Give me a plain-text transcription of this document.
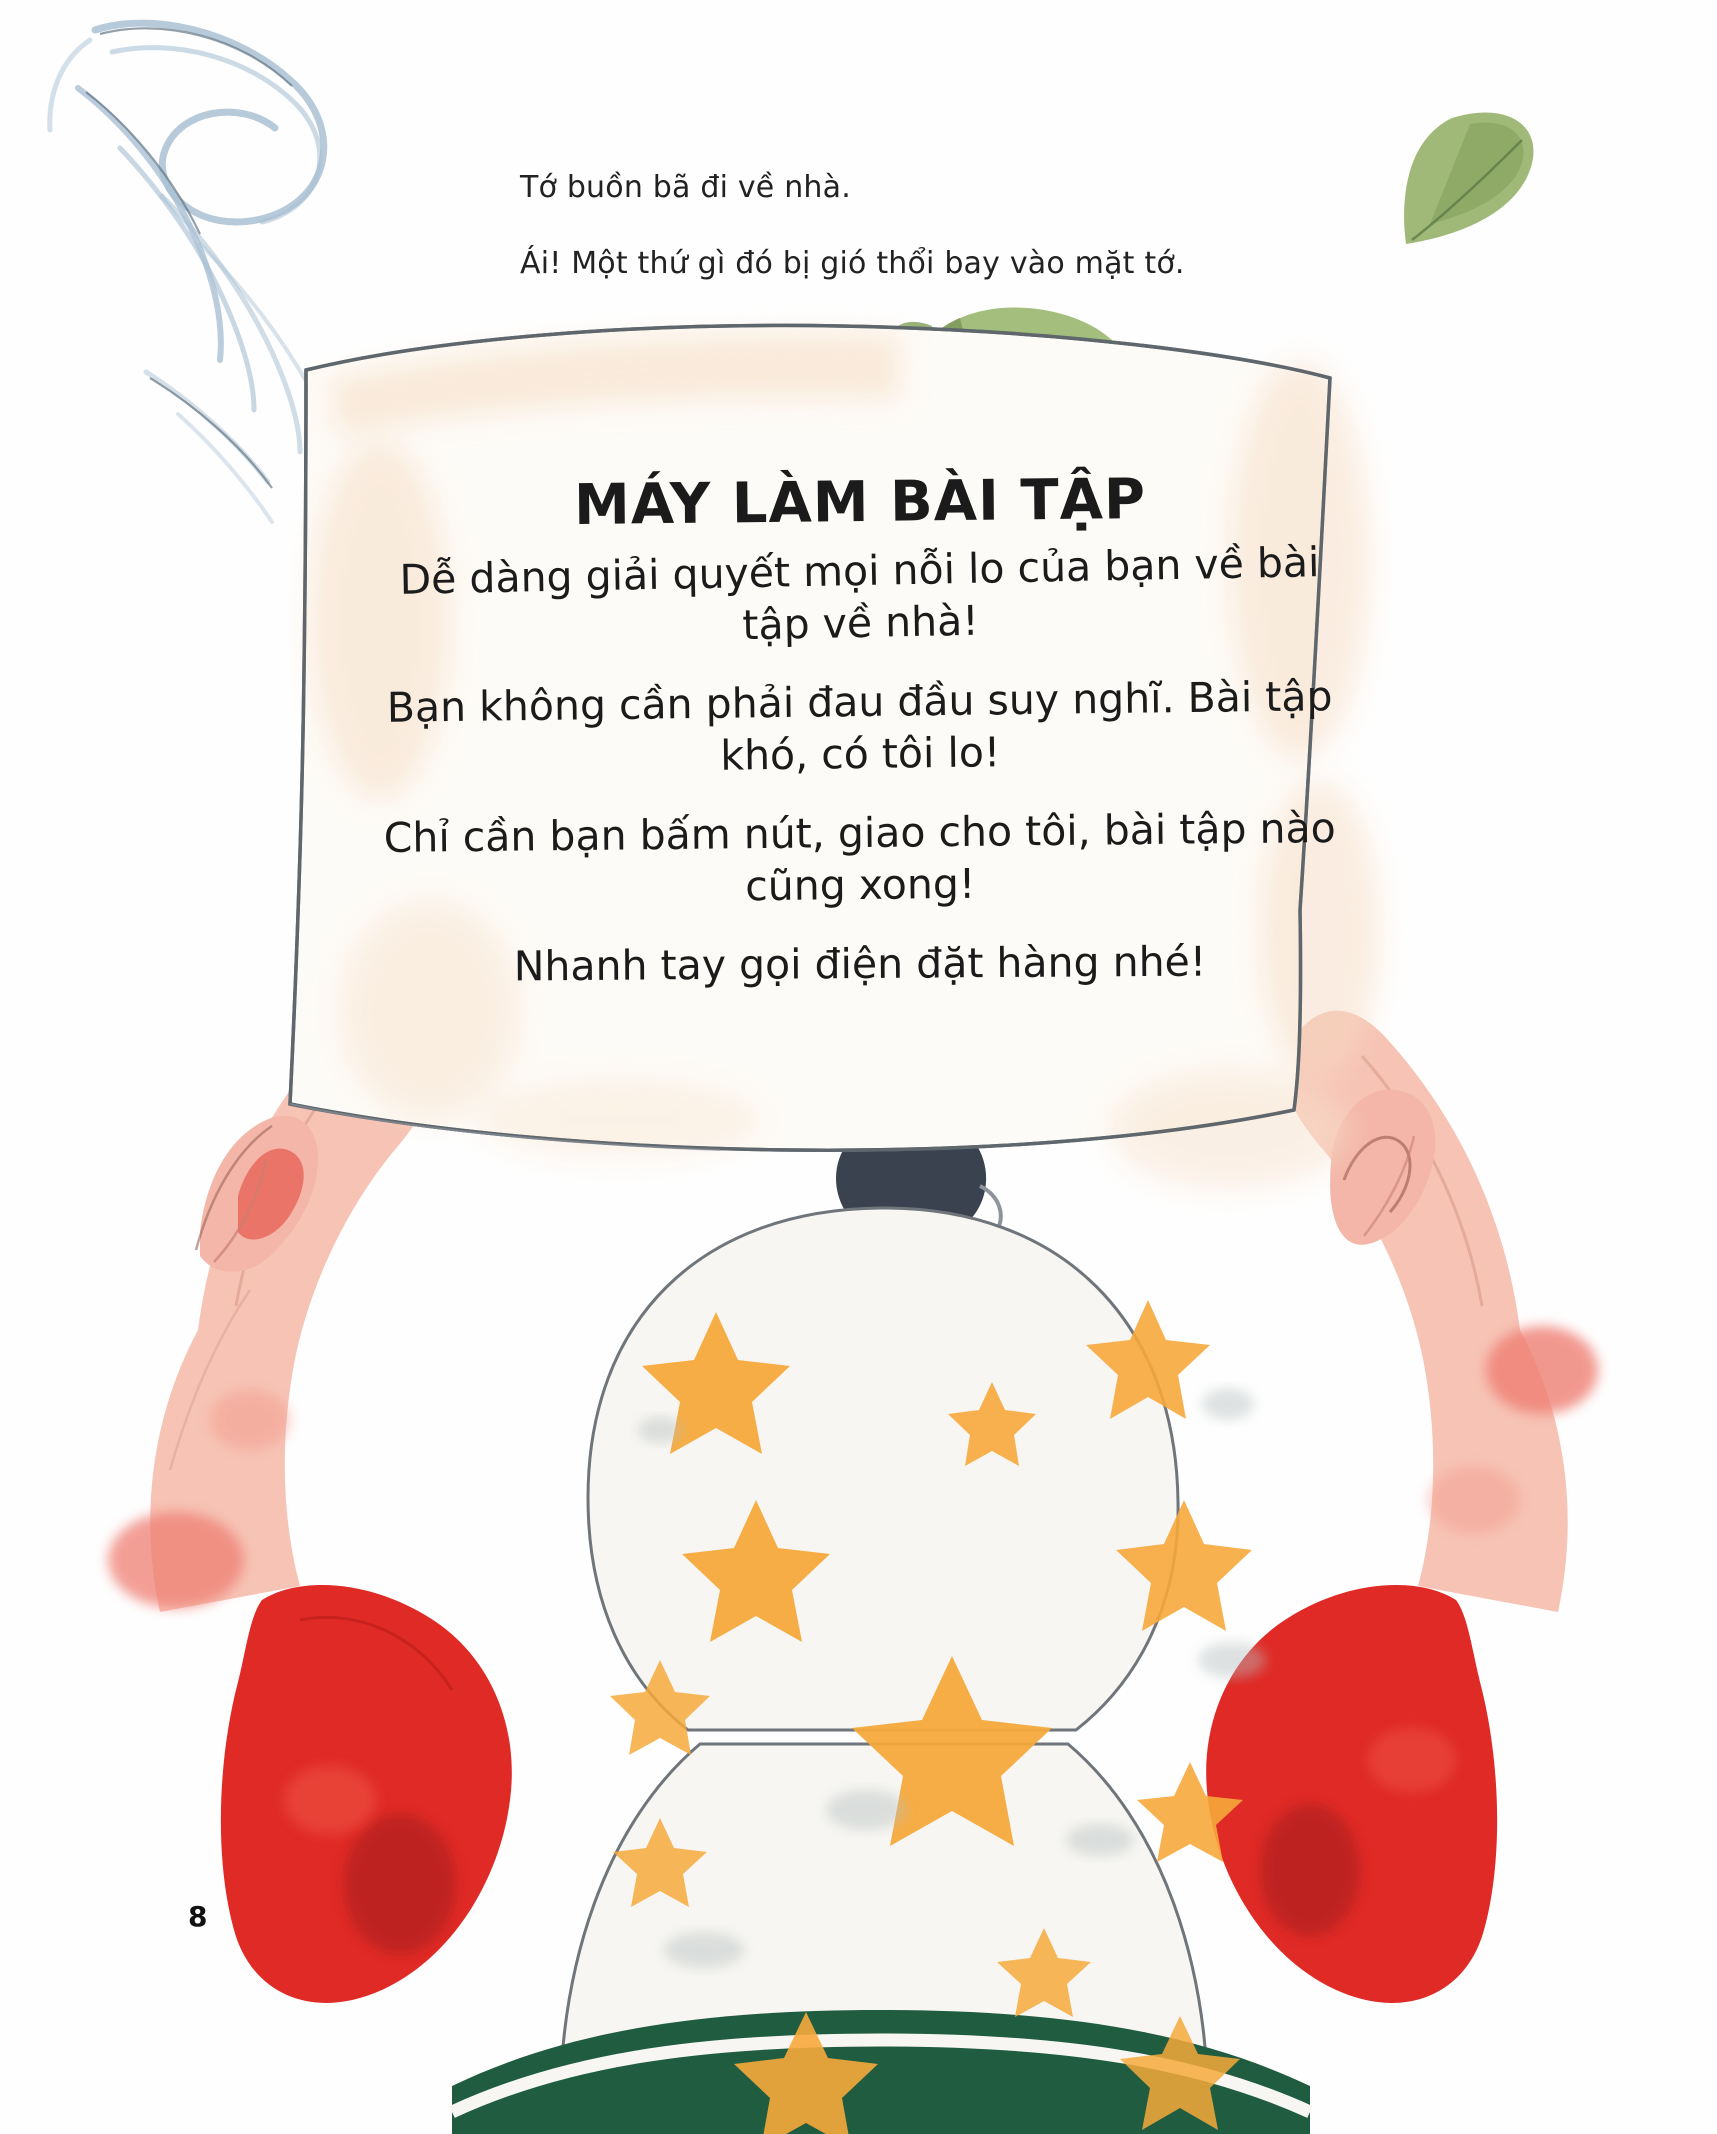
Tớ buồn bã đi về nhà.

Ái! Một thứ gì đó bị gió thổi bay vào mặt tớ.

MÁY LÀM BÀI TẬP
Dễ dàng giải quyết mọi nỗi lo của bạn về bài tập về nhà!
Bạn không cần phải đau đầu suy nghĩ. Bài tập khó, có tôi lo!
Chỉ cần bạn bấm nút, giao cho tôi, bài tập nào cũng xong!
Nhanh tay gọi điện đặt hàng nhé!
8
